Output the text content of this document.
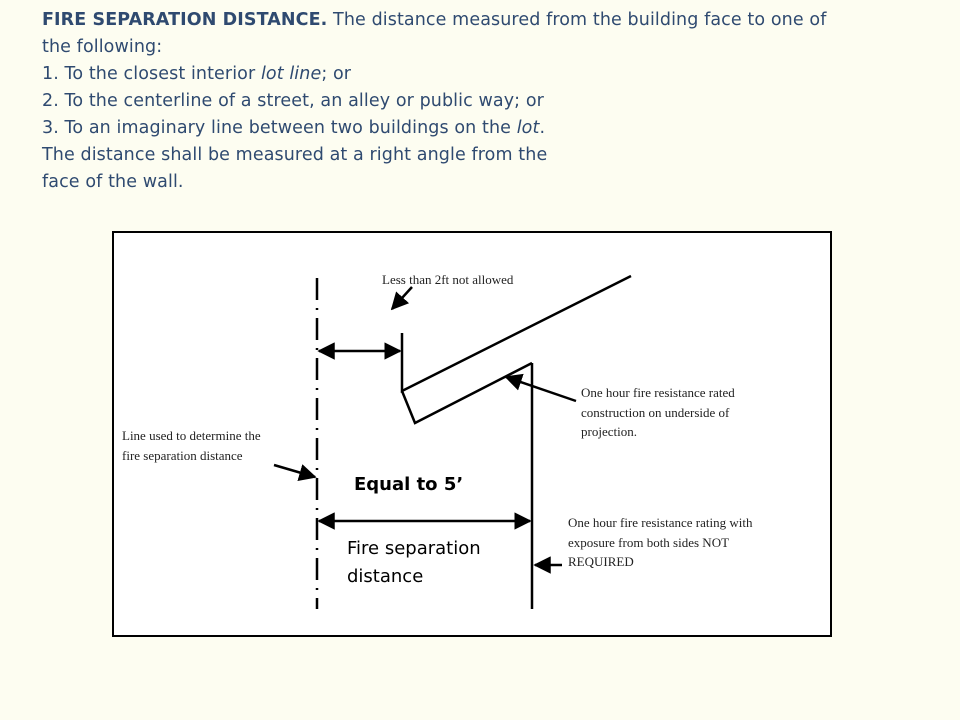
FIRE SEPARATION DISTANCE. The distance measured from the building face to one of
the following:
1. To the closest interior lot line; or
2. To the centerline of a street, an alley or public way; or
3. To an imaginary line between two buildings on the lot.
The distance shall be measured at a right angle from the
face of the wall.
Less than 2ft not allowed
One hour fire resistance rated
construction on underside of
projection.
Line used to determine the
fire separation distance
Equal to 5’
Fire separation
distance
One hour fire resistance rating with
exposure from both sides NOT
REQUIRED
